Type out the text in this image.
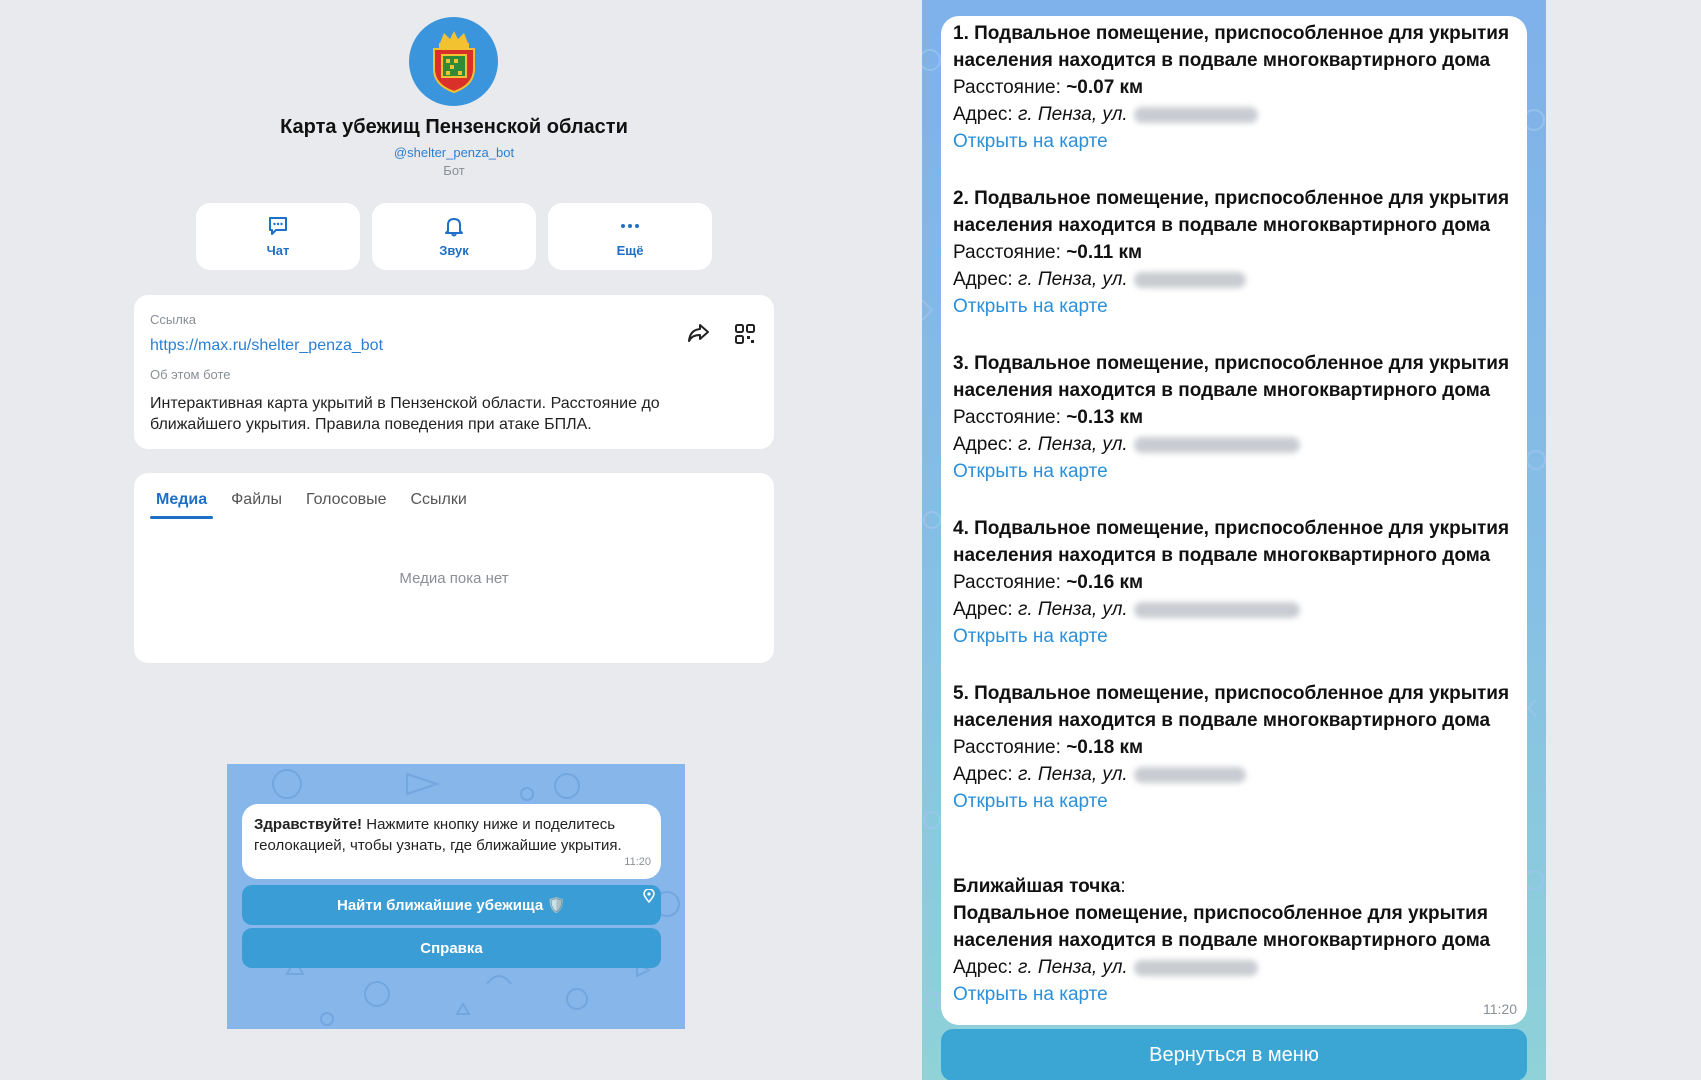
Карта убежищ Пензенской области
@shelter_penza_bot
Бот
Чат	Звук	Ещё
Ссылка
https://max.ru/shelter_penza_bot
Об этом боте
Интерактивная карта укрытий в Пензенской области. Расстояние до ближайшего укрытия. Правила поведения при атаке БПЛА.
Медиа	Файлы	Голосовые	Ссылки
Медиа пока нет
Здравствуйте! Нажмите кнопку ниже и поделитесь геолокацией, чтобы узнать, где ближайшие укрытия.
11:20
Найти ближайшие убежища 🛡️
Справка
1. Подвальное помещение, приспособленное для укрытия населения находится в подвале многоквартирного дома
Расстояние: ~0.07 км
Адрес: г. Пенза, ул.
Открыть на карте
2. Подвальное помещение, приспособленное для укрытия населения находится в подвале многоквартирного дома
Расстояние: ~0.11 км
Адрес: г. Пенза, ул.
Открыть на карте
3. Подвальное помещение, приспособленное для укрытия населения находится в подвале многоквартирного дома
Расстояние: ~0.13 км
Адрес: г. Пенза, ул.
Открыть на карте
4. Подвальное помещение, приспособленное для укрытия населения находится в подвале многоквартирного дома
Расстояние: ~0.16 км
Адрес: г. Пенза, ул.
Открыть на карте
5. Подвальное помещение, приспособленное для укрытия населения находится в подвале многоквартирного дома
Расстояние: ~0.18 км
Адрес: г. Пенза, ул.
Открыть на карте
Ближайшая точка:
Подвальное помещение, приспособленное для укрытия населения находится в подвале многоквартирного дома
Адрес: г. Пенза, ул.
Открыть на карте
11:20
Вернуться в меню
